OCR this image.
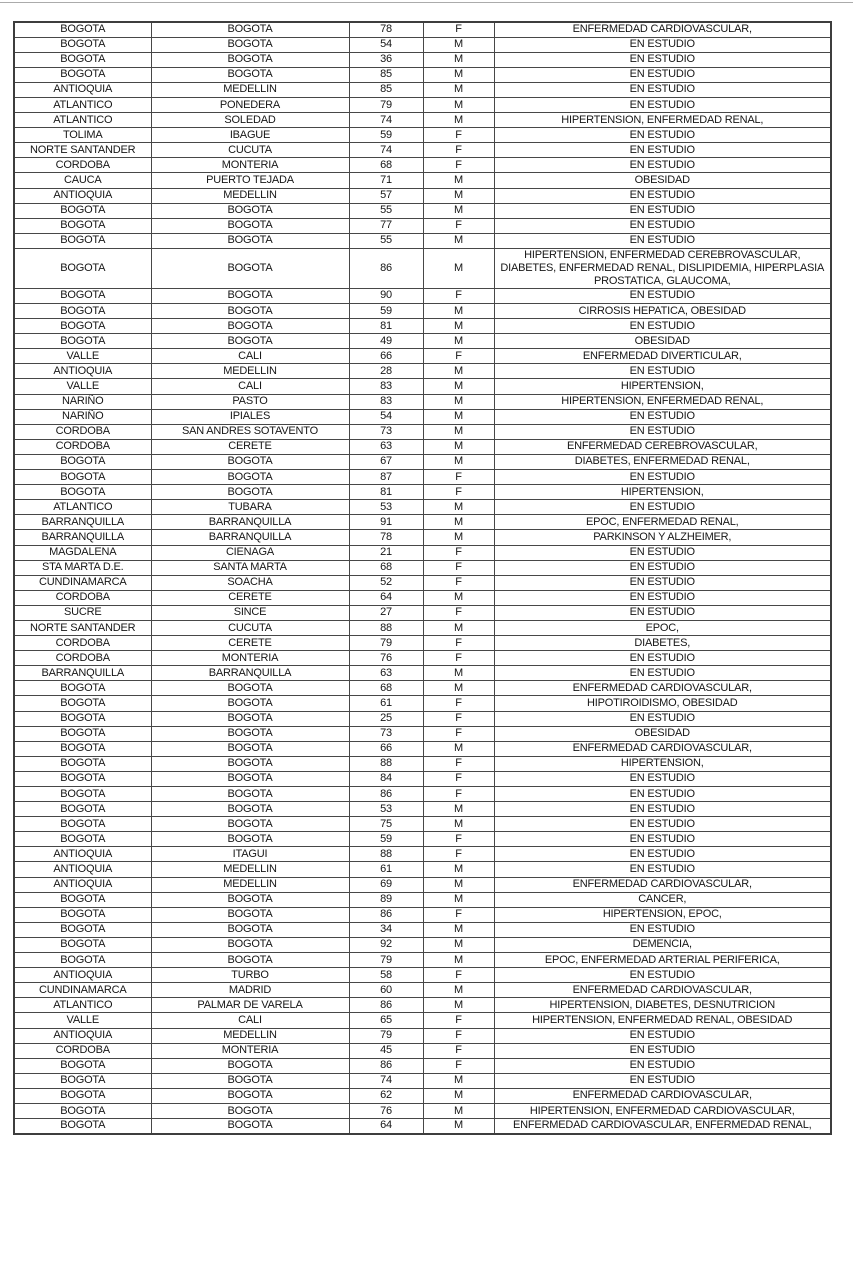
BOGOTA	BOGOTA	78	F	ENFERMEDAD CARDIOVASCULAR,
BOGOTA	BOGOTA	54	M	EN ESTUDIO
BOGOTA	BOGOTA	36	M	EN ESTUDIO
BOGOTA	BOGOTA	85	M	EN ESTUDIO
ANTIOQUIA	MEDELLIN	85	M	EN ESTUDIO
ATLANTICO	PONEDERA	79	M	EN ESTUDIO
ATLANTICO	SOLEDAD	74	M	HIPERTENSION, ENFERMEDAD RENAL,
TOLIMA	IBAGUE	59	F	EN ESTUDIO
NORTE SANTANDER	CUCUTA	74	F	EN ESTUDIO
CORDOBA	MONTERIA	68	F	EN ESTUDIO
CAUCA	PUERTO TEJADA	71	M	OBESIDAD
ANTIOQUIA	MEDELLIN	57	M	EN ESTUDIO
BOGOTA	BOGOTA	55	M	EN ESTUDIO
BOGOTA	BOGOTA	77	F	EN ESTUDIO
BOGOTA	BOGOTA	55	M	EN ESTUDIO
BOGOTA	BOGOTA	86	M	HIPERTENSION, ENFERMEDAD CEREBROVASCULAR, DIABETES, ENFERMEDAD RENAL, DISLIPIDEMIA, HIPERPLASIA PROSTATICA, GLAUCOMA,
BOGOTA	BOGOTA	90	F	EN ESTUDIO
BOGOTA	BOGOTA	59	M	CIRROSIS HEPATICA, OBESIDAD
BOGOTA	BOGOTA	81	M	EN ESTUDIO
BOGOTA	BOGOTA	49	M	OBESIDAD
VALLE	CALI	66	F	ENFERMEDAD DIVERTICULAR,
ANTIOQUIA	MEDELLIN	28	M	EN ESTUDIO
VALLE	CALI	83	M	HIPERTENSION,
NARIÑO	PASTO	83	M	HIPERTENSION, ENFERMEDAD RENAL,
NARIÑO	IPIALES	54	M	EN ESTUDIO
CORDOBA	SAN ANDRES SOTAVENTO	73	M	EN ESTUDIO
CORDOBA	CERETE	63	M	ENFERMEDAD CEREBROVASCULAR,
BOGOTA	BOGOTA	67	M	DIABETES, ENFERMEDAD RENAL,
BOGOTA	BOGOTA	87	F	EN ESTUDIO
BOGOTA	BOGOTA	81	F	HIPERTENSION,
ATLANTICO	TUBARA	53	M	EN ESTUDIO
BARRANQUILLA	BARRANQUILLA	91	M	EPOC, ENFERMEDAD RENAL,
BARRANQUILLA	BARRANQUILLA	78	M	PARKINSON Y ALZHEIMER,
MAGDALENA	CIENAGA	21	F	EN ESTUDIO
STA MARTA D.E.	SANTA MARTA	68	F	EN ESTUDIO
CUNDINAMARCA	SOACHA	52	F	EN ESTUDIO
CORDOBA	CERETE	64	M	EN ESTUDIO
SUCRE	SINCE	27	F	EN ESTUDIO
NORTE SANTANDER	CUCUTA	88	M	EPOC,
CORDOBA	CERETE	79	F	DIABETES,
CORDOBA	MONTERIA	76	F	EN ESTUDIO
BARRANQUILLA	BARRANQUILLA	63	M	EN ESTUDIO
BOGOTA	BOGOTA	68	M	ENFERMEDAD CARDIOVASCULAR,
BOGOTA	BOGOTA	61	F	HIPOTIROIDISMO, OBESIDAD
BOGOTA	BOGOTA	25	F	EN ESTUDIO
BOGOTA	BOGOTA	73	F	OBESIDAD
BOGOTA	BOGOTA	66	M	ENFERMEDAD CARDIOVASCULAR,
BOGOTA	BOGOTA	88	F	HIPERTENSION,
BOGOTA	BOGOTA	84	F	EN ESTUDIO
BOGOTA	BOGOTA	86	F	EN ESTUDIO
BOGOTA	BOGOTA	53	M	EN ESTUDIO
BOGOTA	BOGOTA	75	M	EN ESTUDIO
BOGOTA	BOGOTA	59	F	EN ESTUDIO
ANTIOQUIA	ITAGUI	88	F	EN ESTUDIO
ANTIOQUIA	MEDELLIN	61	M	EN ESTUDIO
ANTIOQUIA	MEDELLIN	69	M	ENFERMEDAD CARDIOVASCULAR,
BOGOTA	BOGOTA	89	M	CANCER,
BOGOTA	BOGOTA	86	F	HIPERTENSION, EPOC,
BOGOTA	BOGOTA	34	M	EN ESTUDIO
BOGOTA	BOGOTA	92	M	DEMENCIA,
BOGOTA	BOGOTA	79	M	EPOC, ENFERMEDAD ARTERIAL PERIFERICA,
ANTIOQUIA	TURBO	58	F	EN ESTUDIO
CUNDINAMARCA	MADRID	60	M	ENFERMEDAD CARDIOVASCULAR,
ATLANTICO	PALMAR DE VARELA	86	M	HIPERTENSION, DIABETES, DESNUTRICION
VALLE	CALI	65	F	HIPERTENSION, ENFERMEDAD RENAL, OBESIDAD
ANTIOQUIA	MEDELLIN	79	F	EN ESTUDIO
CORDOBA	MONTERIA	45	F	EN ESTUDIO
BOGOTA	BOGOTA	86	F	EN ESTUDIO
BOGOTA	BOGOTA	74	M	EN ESTUDIO
BOGOTA	BOGOTA	62	M	ENFERMEDAD CARDIOVASCULAR,
BOGOTA	BOGOTA	76	M	HIPERTENSION, ENFERMEDAD CARDIOVASCULAR,
BOGOTA	BOGOTA	64	M	ENFERMEDAD CARDIOVASCULAR, ENFERMEDAD RENAL,
